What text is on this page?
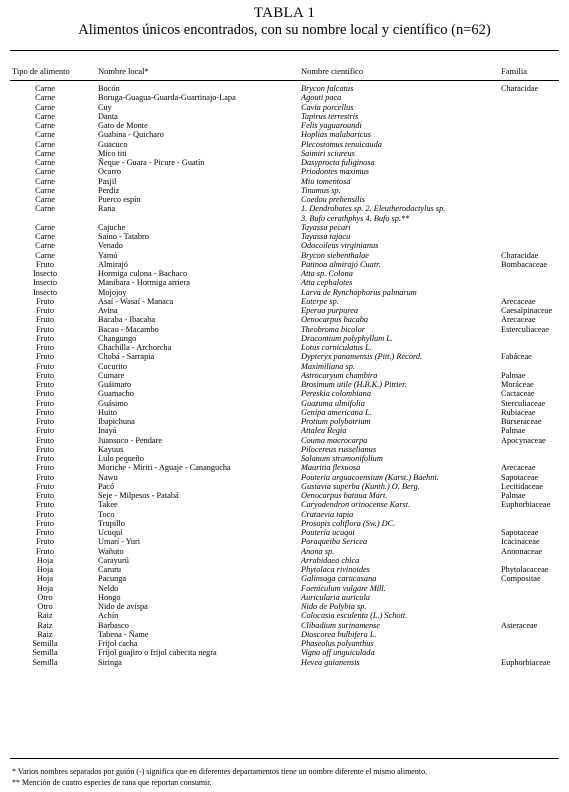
TABLA 1
Alimentos únicos encontrados, con su nombre local y científico (n=62)
Tipo de alimento	Nombre local*	Nombre científico	Familia
Carne	Bocón	Brycon falcatus	Characidae
Carne	Boruga-Guagua-Guarda-Guartinajo-Lapa	Agouti paca
Carne	Cuy	Cavia porcellus
Carne	Danta	Tapirus terrestris
Carne	Gato de Monte	Felis yaguaroundi
Carne	Guabina - Quicharo	Hoplias malabaricus
Carne	Guacuco	Plecostomus tenuicauda
Carne	Mico titi	Saimiri sciureus
Carne	Ñeque - Guara - Picure - Guatín	Dasyprocta fuliginosa
Carne	Ocarro	Priodontes maximus
Carne	Pasjil	Miu tomentosa
Carne	Perdiz	Tinamus sp.
Carne	Puerco espín	Coedou prehensilis
Carne	Rana	1. Dendrobates sp. 2. Eleutherodactylus sp.
3. Bufo cerathphys 4. Bufo sp.**
Carne	Cajuche	Tayassu pecari
Carne	Saino - Tatabro	Tayassu tajacu
Carne	Venado	Odocoileus virginianus
Carne	Yamú	Brycon siebenthalae	Characidae
Fruto	Almirajó	Patinoa almirajó Cuatr.	Bombacaceae
Insecto	Hormiga culona - Bachaco	Atta sp. Colona
Insecto	Manibara - Hormiga arriera	Atta cephalotes
Insecto	Mojojoy	Larva de Rynchophorus palmarum
Fruto	Asaí - Wasaí - Manaca	Euterpe sp.	Arecaceae
Fruto	Avina	Eperua purpurea	Caesalpinaceae
Fruto	Bacaba - Ibacaba	Oenocarpus bacaba	Arecaceae
Fruto	Bacao - Macambo	Theobroma bicolor	Esterculiaceae
Fruto	Changungo	Dracontium polyphyllum L.
Fruto	Chachilla - Archorcha	Lotus corniculatus L.
Fruto	Chobá - Sarrapia	Dypteryx panamensis (Pitt.) Record.	Fabáceae
Fruto	Cucurito	Maximiliana sp.
Fruto	Cumare	Astrocaryum chambira	Palmae
Fruto	Guáimaro	Brosimum utile (H.B.K.) Pittier.	Moráceae
Fruto	Guamacho	Pereskia colombiana	Cactaceae
Fruto	Guásimo	Guazuma ulmifolia	Sterculiaceae
Fruto	Huito	Genipa americana L.	Rubiaceae
Fruto	Ibapichuna	Protium polybotrium	Burseraceae
Fruto	Inayá	Attalea Regia	Palmae
Fruto	Juansoco - Pendare	Couma macrocarpa	Apocynaceae
Fruto	Kayuus	Pilocereus russelianus
Fruto	Lulo pequeño	Solanum stramonifolium
Fruto	Moriche - Miriti - Aguaje - Canangucha	Mauritia flexuosa	Arecaceae
Fruto	Nawu	Pouteria arguacoensium (Karst.) Baehni.	Sapotaceae
Fruto	Pacó	Gustavia superba (Kunth.) O. Berg.	Lecitidaceae
Fruto	Seje - Milpesos - Patabá	Oenocarpus bataua Mart.	Palmae
Fruto	Takee	Caryodendron orinocense Karst.	Euphorbiaceae
Fruto	Toco	Crataevia tapia
Fruto	Trupillo	Prosopis coliflora (Sw.) DC.
Fruto	Ucuquí	Pouteria ucuqui	Sapotaceae
Fruto	Umarí - Yuri	Poraqueiba Sericea	Icacinaceae
Fruto	Wañuto	Anona sp.	Annonaceae
Hoja	Carayurú	Arrabidaea chica
Hoja	Caruru	Phytolaca rivinoides	Phytolacaceae
Hoja	Pacunga	Galinsoga caracasana	Compositae
Hoja	Neldo	Foeniculum vulgare Mill.
Otro	Hongo	Auricularia auricula
Otro	Nido de avispa	Nido de Polybia sp.
Raiz	Achín	Colocasia esculenta (L.) Schott.
Raiz	Barbasco	Clibadium surinamense	Asteraceae
Raiz	Tabena - Ñame	Dioscorea bulbifera L.
Semilla	Frijol cacha	Phaseolus polyanthus
Semilla	Frijol guajiro o frijol cabecita negra	Vigna aff unguiculada
Semilla	Siringa	Hevea guianensis	Euphorbiaceae
* Varios nombres separados por guión (-) significa que en diferentes departamentos tiene un nombre diferente el mismo alimento.
** Mención de cuatro especies de rana que reportan consumir.
